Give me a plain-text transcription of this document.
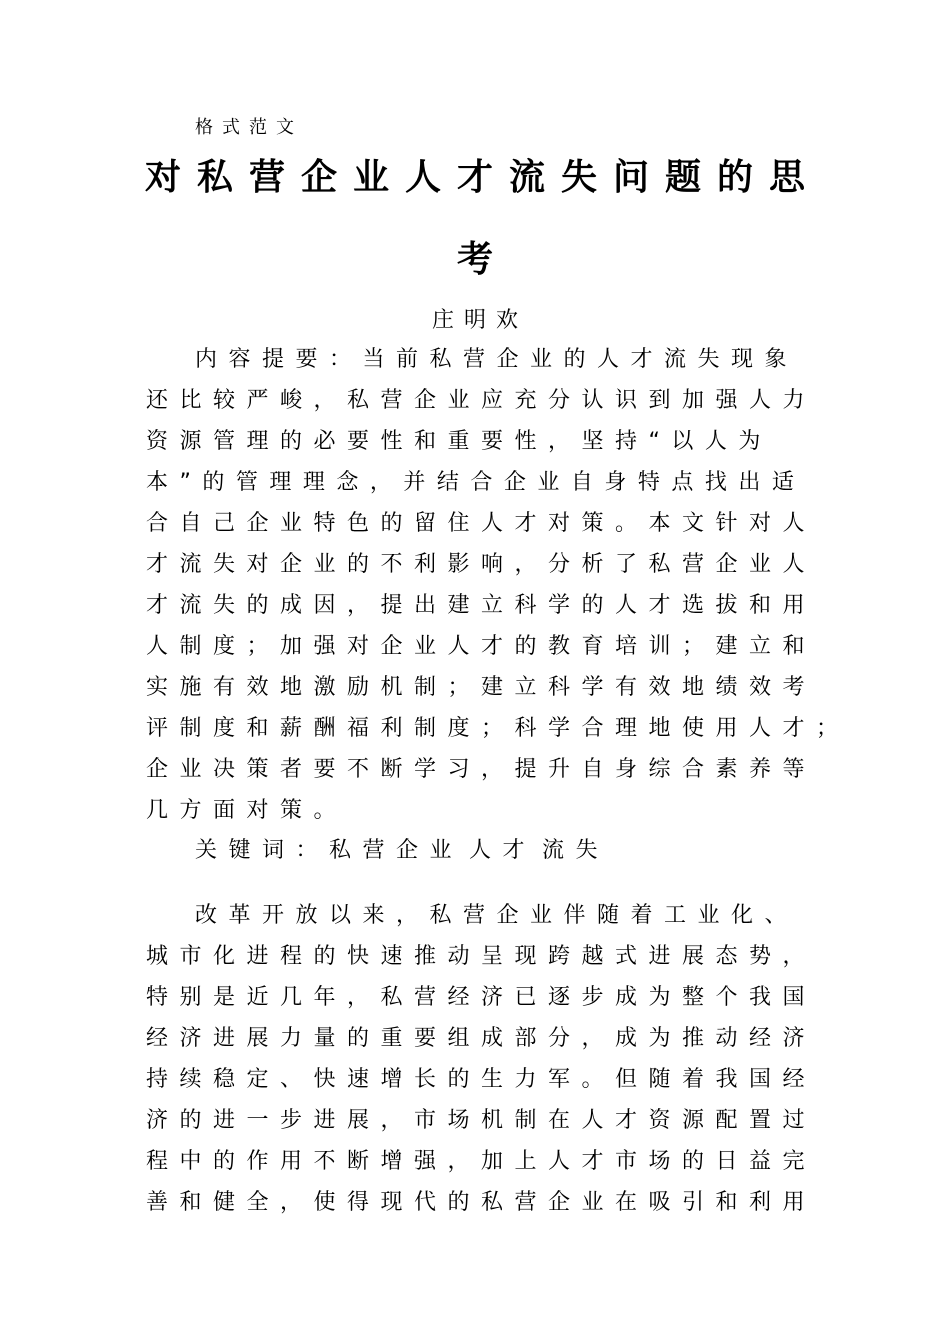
格式范文
对私营企业人才流失问题的思
考
庄明欢
内容提要：当前私营企业的人才流失现象
还比较严峻，私营企业应充分认识到加强人力
资源管理的必要性和重要性，坚持“以人为
本”的管理理念，并结合企业自身特点找出适
合自己企业特色的留住人才对策。本文针对人
才流失对企业的不利影响，分析了私营企业人
才流失的成因，提出建立科学的人才选拔和用
人制度；加强对企业人才的教育培训；建立和
实施有效地激励机制；建立科学有效地绩效考
评制度和薪酬福利制度；科学合理地使用人才；
企业决策者要不断学习，提升自身综合素养等
几方面对策。
关键词：私营企业 人才 流失
改革开放以来，私营企业伴随着工业化、
城市化进程的快速推动呈现跨越式进展态势，
特别是近几年，私营经济已逐步成为整个我国
经济进展力量的重要组成部分，成为推动经济
持续稳定、快速增长的生力军。但随着我国经
济的进一步进展，市场机制在人才资源配置过
程中的作用不断增强，加上人才市场的日益完
善和健全，使得现代的私营企业在吸引和利用
